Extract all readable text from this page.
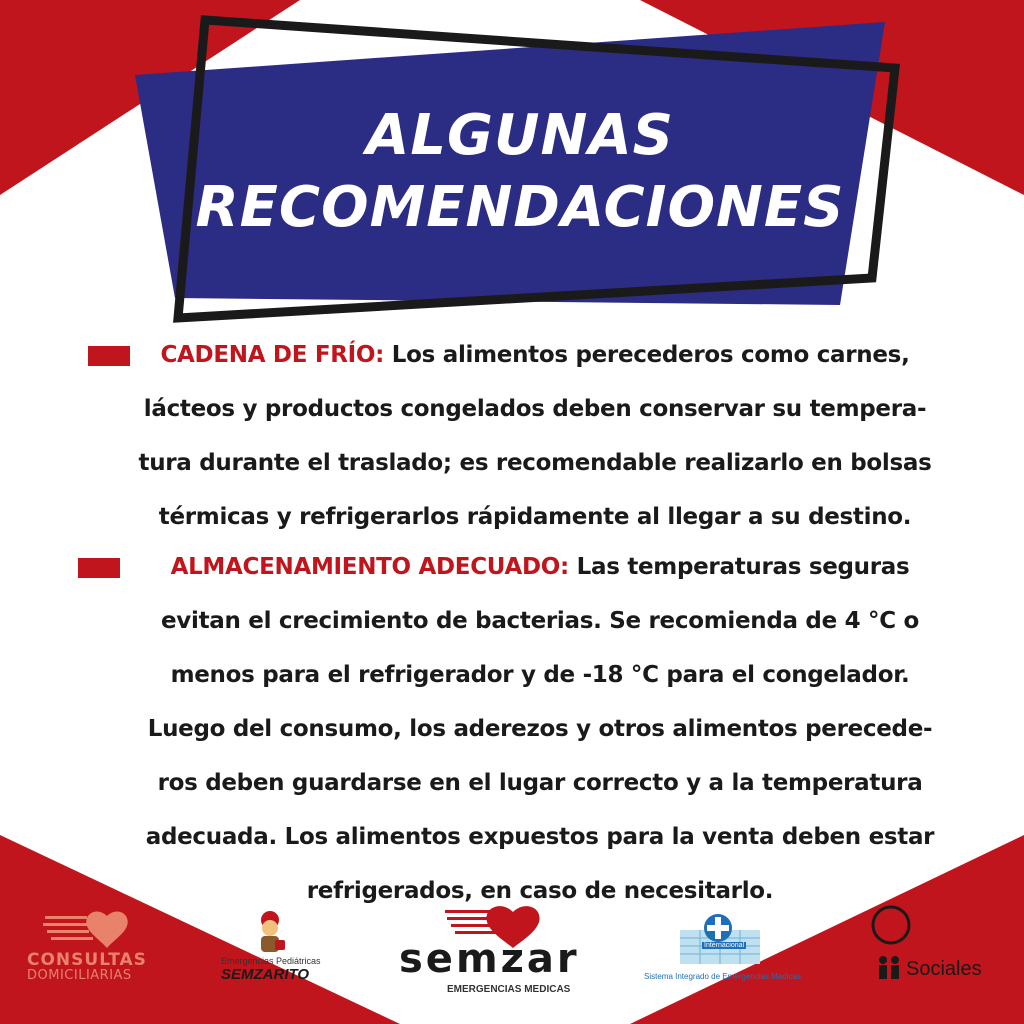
ALGUNAS
RECOMENDACIONES
CADENA DE FRÍO: Los alimentos perecederos como carnes,
lácteos y productos congelados deben conservar su tempera-
tura durante el traslado; es recomendable realizarlo en bolsas
térmicas y refrigerarlos rápidamente al llegar a su destino.
ALMACENAMIENTO ADECUADO: Las temperaturas seguras
evitan el crecimiento de bacterias. Se recomienda de 4 °C o
menos para el refrigerador y de -18 °C para el congelador.
Luego del consumo, los aderezos y otros alimentos perecede-
ros deben guardarse en el lugar correcto y a la temperatura
adecuada. Los alimentos expuestos para la venta deben estar
refrigerados, en caso de necesitarlo.
CONSULTAS
DOMICILIARIAS
Emergencias Pediátricas
SEMZARITO semzar
EMERGENCIAS MEDICAS
Internacional
Sistema Integrado de Emergencias Medicas
Cooperativa
de Electricidad
de Zárate
Sociales
